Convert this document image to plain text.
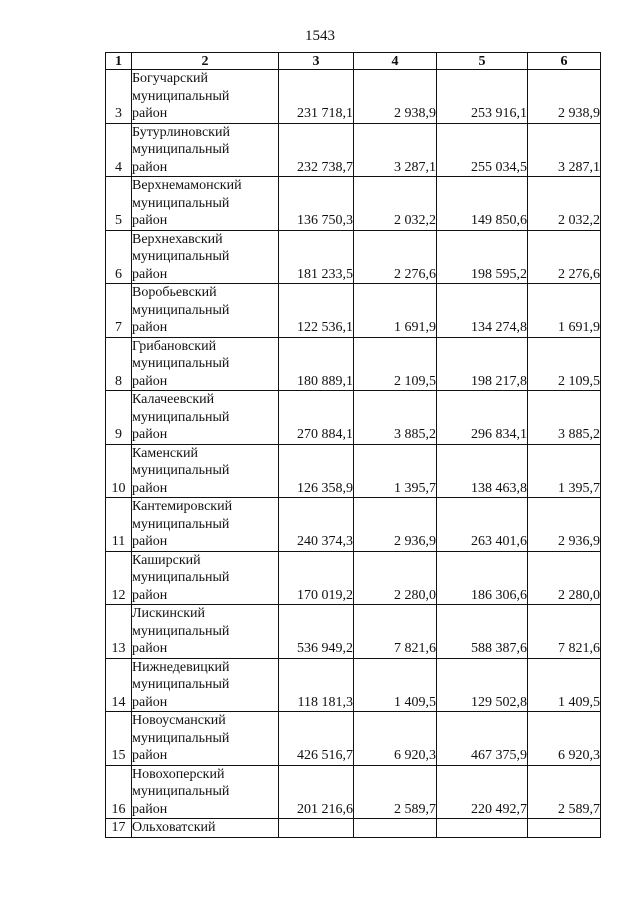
1543
1	2	3	4	5	6
3	Богучарский
муниципальный
район	231 718,1	2 938,9	253 916,1	2 938,9
4	Бутурлиновский
муниципальный
район	232 738,7	3 287,1	255 034,5	3 287,1
5	Верхнемамонский
муниципальный
район	136 750,3	2 032,2	149 850,6	2 032,2
6	Верхнехавский
муниципальный
район	181 233,5	2 276,6	198 595,2	2 276,6
7	Воробьевский
муниципальный
район	122 536,1	1 691,9	134 274,8	1 691,9
8	Грибановский
муниципальный
район	180 889,1	2 109,5	198 217,8	2 109,5
9	Калачеевский
муниципальный
район	270 884,1	3 885,2	296 834,1	3 885,2
10	Каменский
муниципальный
район	126 358,9	1 395,7	138 463,8	1 395,7
11	Кантемировский
муниципальный
район	240 374,3	2 936,9	263 401,6	2 936,9
12	Каширский
муниципальный
район	170 019,2	2 280,0	186 306,6	2 280,0
13	Лискинский
муниципальный
район	536 949,2	7 821,6	588 387,6	7 821,6
14	Нижнедевицкий
муниципальный
район	118 181,3	1 409,5	129 502,8	1 409,5
15	Новоусманский
муниципальный
район	426 516,7	6 920,3	467 375,9	6 920,3
16	Новохоперский
муниципальный
район	201 216,6	2 589,7	220 492,7	2 589,7
17	Ольховатский				
